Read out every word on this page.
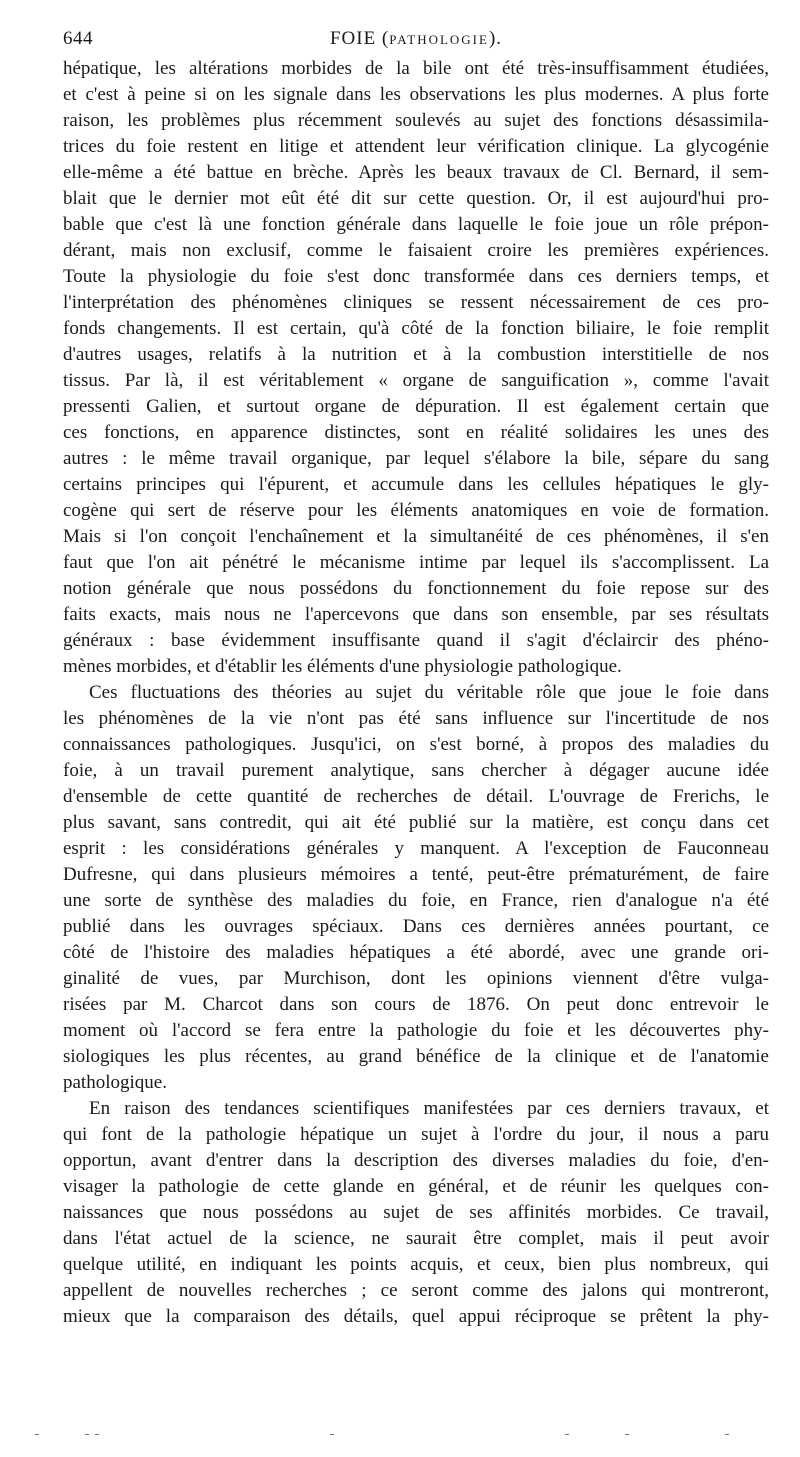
644	FOIE (PATHOLOGIE).
hépatique, les altérations morbides de la bile ont été très-insuffisamment étudiées,
et c'est à peine si on les signale dans les observations les plus modernes. A plus forte
raison, les problèmes plus récemment soulevés au sujet des fonctions désassimila-
trices du foie restent en litige et attendent leur vérification clinique. La glycogénie
elle-même a été battue en brèche. Après les beaux travaux de Cl. Bernard, il sem-
blait que le dernier mot eût été dit sur cette question. Or, il est aujourd'hui pro-
bable que c'est là une fonction générale dans laquelle le foie joue un rôle prépon-
dérant, mais non exclusif, comme le faisaient croire les premières expériences.
Toute la physiologie du foie s'est donc transformée dans ces derniers temps, et
l'interprétation des phénomènes cliniques se ressent nécessairement de ces pro-
fonds changements. Il est certain, qu'à côté de la fonction biliaire, le foie remplit
d'autres usages, relatifs à la nutrition et à la combustion interstitielle de nos
tissus. Par là, il est véritablement « organe de sanguification », comme l'avait
pressenti Galien, et surtout organe de dépuration. Il est également certain que
ces fonctions, en apparence distinctes, sont en réalité solidaires les unes des
autres : le même travail organique, par lequel s'élabore la bile, sépare du sang
certains principes qui l'épurent, et accumule dans les cellules hépatiques le gly-
cogène qui sert de réserve pour les éléments anatomiques en voie de formation.
Mais si l'on conçoit l'enchaînement et la simultanéité de ces phénomènes, il s'en
faut que l'on ait pénétré le mécanisme intime par lequel ils s'accomplissent. La
notion générale que nous possédons du fonctionnement du foie repose sur des
faits exacts, mais nous ne l'apercevons que dans son ensemble, par ses résultats
généraux : base évidemment insuffisante quand il s'agit d'éclaircir des phéno-
mènes morbides, et d'établir les éléments d'une physiologie pathologique.
Ces fluctuations des théories au sujet du véritable rôle que joue le foie dans
les phénomènes de la vie n'ont pas été sans influence sur l'incertitude de nos
connaissances pathologiques. Jusqu'ici, on s'est borné, à propos des maladies du
foie, à un travail purement analytique, sans chercher à dégager aucune idée
d'ensemble de cette quantité de recherches de détail. L'ouvrage de Frerichs, le
plus savant, sans contredit, qui ait été publié sur la matière, est conçu dans cet
esprit : les considérations générales y manquent. A l'exception de Fauconneau
Dufresne, qui dans plusieurs mémoires a tenté, peut-être prématurément, de faire
une sorte de synthèse des maladies du foie, en France, rien d'analogue n'a été
publié dans les ouvrages spéciaux. Dans ces dernières années pourtant, ce
côté de l'histoire des maladies hépatiques a été abordé, avec une grande ori-
ginalité de vues, par Murchison, dont les opinions viennent d'être vulga-
risées par M. Charcot dans son cours de 1876. On peut donc entrevoir le
moment où l'accord se fera entre la pathologie du foie et les découvertes phy-
siologiques les plus récentes, au grand bénéfice de la clinique et de l'anatomie
pathologique.
En raison des tendances scientifiques manifestées par ces derniers travaux, et
qui font de la pathologie hépatique un sujet à l'ordre du jour, il nous a paru
opportun, avant d'entrer dans la description des diverses maladies du foie, d'en-
visager la pathologie de cette glande en général, et de réunir les quelques con-
naissances que nous possédons au sujet de ses affinités morbides. Ce travail,
dans l'état actuel de la science, ne saurait être complet, mais il peut avoir
quelque utilité, en indiquant les points acquis, et ceux, bien plus nombreux, qui
appellent de nouvelles recherches ; ce seront comme des jalons qui montreront,
mieux que la comparaison des détails, quel appui réciproque se prêtent la phy-
